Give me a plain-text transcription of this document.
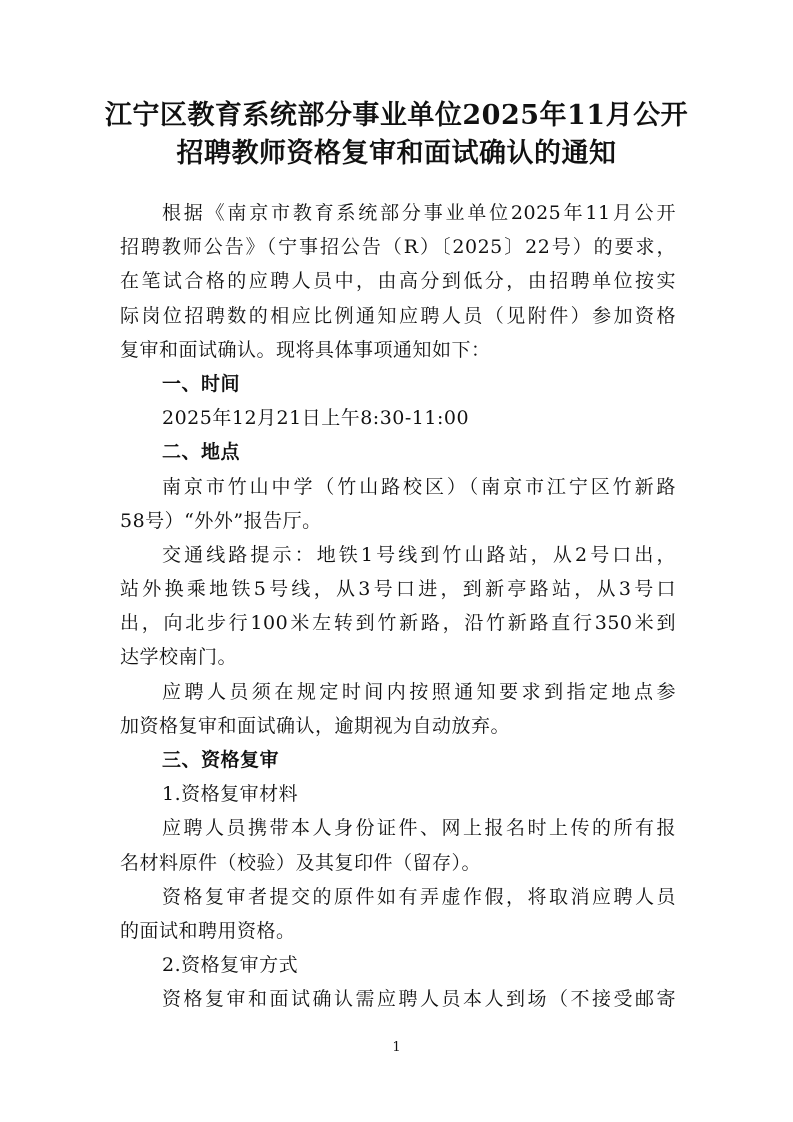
江宁区教育系统部分事业单位2025年11月公开
招聘教师资格复审和面试确认的通知
根据《南京市教育系统部分事业单位2025年11月公开
招聘教师公告》（宁事招公告（R）〔2025〕22号）的要求，
在笔试合格的应聘人员中，由高分到低分，由招聘单位按实
际岗位招聘数的相应比例通知应聘人员（见附件）参加资格
复审和面试确认。现将具体事项通知如下：
一、时间
2025年12月21日上午8:30-11:00
二、地点
南京市竹山中学（竹山路校区）（南京市江宁区竹新路
58号）“外外”报告厅。
交通线路提示：地铁1号线到竹山路站，从2号口出，
站外换乘地铁5号线，从3号口进，到新亭路站，从3号口
出，向北步行100米左转到竹新路，沿竹新路直行350米到
达学校南门。
应聘人员须在规定时间内按照通知要求到指定地点参
加资格复审和面试确认，逾期视为自动放弃。
三、资格复审
1.资格复审材料
应聘人员携带本人身份证件、网上报名时上传的所有报
名材料原件（校验）及其复印件（留存）。
资格复审者提交的原件如有弄虚作假，将取消应聘人员
的面试和聘用资格。
2.资格复审方式
资格复审和面试确认需应聘人员本人到场（不接受邮寄
1
